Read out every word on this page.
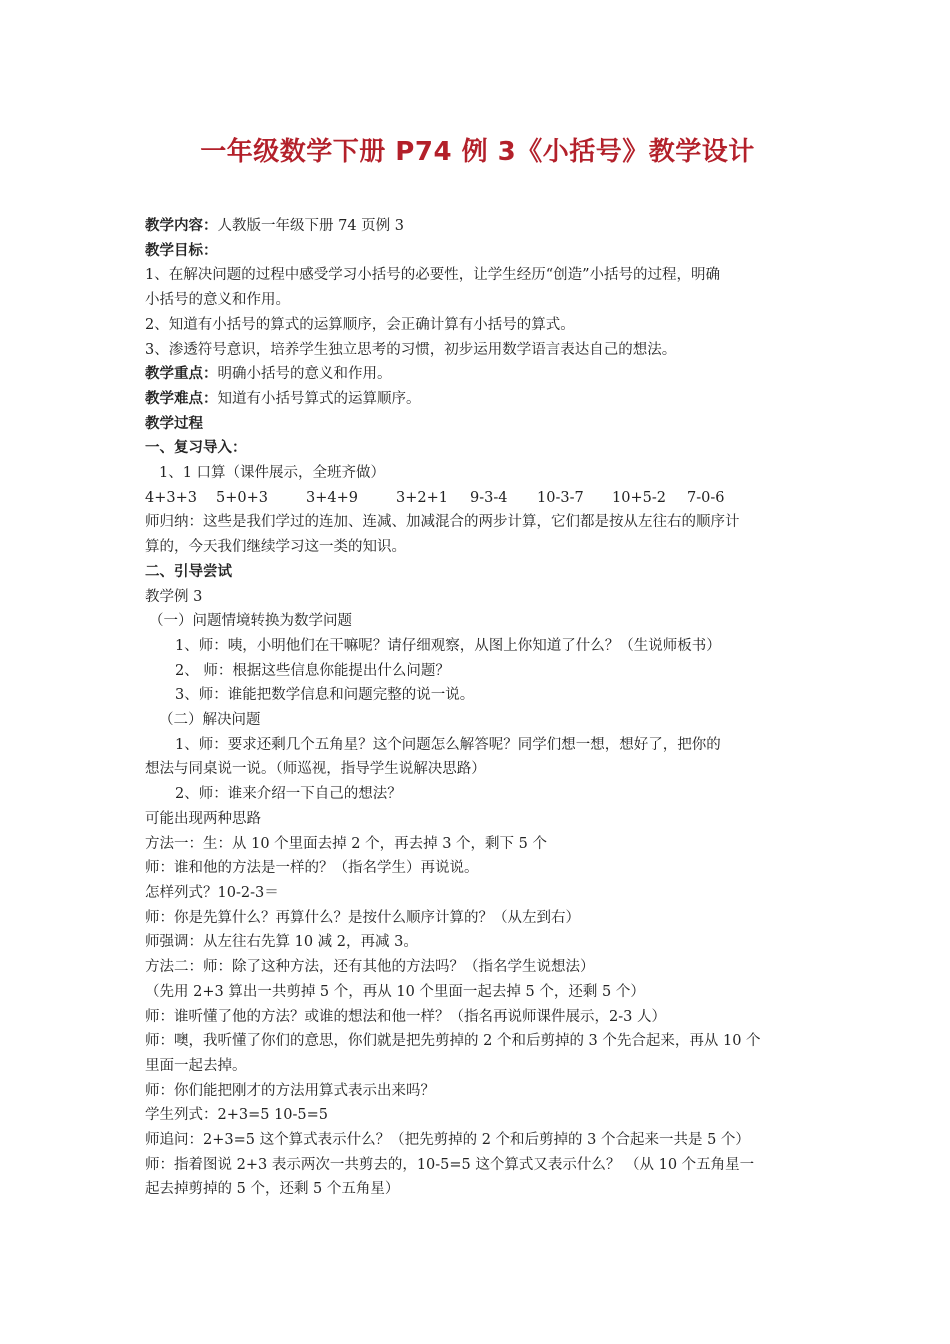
一年级数学下册 P74 例 3《小括号》教学设计
教学内容：人教版一年级下册 74 页例 3
教学目标：
1、在解决问题的过程中感受学习小括号的必要性，让学生经历“创造”小括号的过程，明确
小括号的意义和作用。
2、知道有小括号的算式的运算顺序，会正确计算有小括号的算式。
3、渗透符号意识，培养学生独立思考的习惯，初步运用数学语言表达自己的想法。
教学重点：明确小括号的意义和作用。
教学难点：知道有小括号算式的运算顺序。
教学过程
一、复习导入：
1、1 口算（课件展示，全班齐做）
4+3+3 5+0+3	3+4+9	3+2+1 9-3-4 10-3-7 10+5-2 7-0-6
师归纳：这些是我们学过的连加、连减、加减混合的两步计算，它们都是按从左往右的顺序计
算的，今天我们继续学习这一类的知识。
二、引导尝试
教学例 3
（一）问题情境转换为数学问题
1、师：咦，小明他们在干嘛呢？请仔细观察，从图上你知道了什么？（生说师板书）
2、 师：根据这些信息你能提出什么问题？
3、师：谁能把数学信息和问题完整的说一说。
（二）解决问题
1、师：要求还剩几个五角星？这个问题怎么解答呢？同学们想一想，想好了，把你的
想法与同桌说一说。（师巡视，指导学生说解决思路）
2、师：谁来介绍一下自己的想法？
可能出现两种思路
方法一：生：从 10 个里面去掉 2 个，再去掉 3 个，剩下 5 个
师：谁和他的方法是一样的？（指名学生）再说说。
怎样列式？10-2-3＝
师：你是先算什么？再算什么？是按什么顺序计算的？（从左到右）
师强调：从左往右先算 10 减 2，再减 3。
方法二：师：除了这种方法，还有其他的方法吗？（指名学生说想法）
（先用 2+3 算出一共剪掉 5 个，再从 10 个里面一起去掉 5 个，还剩 5 个）
师：谁听懂了他的方法？或谁的想法和他一样？（指名再说师课件展示，2-3 人）
师：噢，我听懂了你们的意思，你们就是把先剪掉的 2 个和后剪掉的 3 个先合起来，再从 10 个
里面一起去掉。
师：你们能把刚才的方法用算式表示出来吗？
学生列式：2+3=5 10-5=5
师追问：2+3=5 这个算式表示什么？（把先剪掉的 2 个和后剪掉的 3 个合起来一共是 5 个）
师：指着图说 2+3 表示两次一共剪去的，10-5=5 这个算式又表示什么？ （从 10 个五角星一
起去掉剪掉的 5 个，还剩 5 个五角星）
